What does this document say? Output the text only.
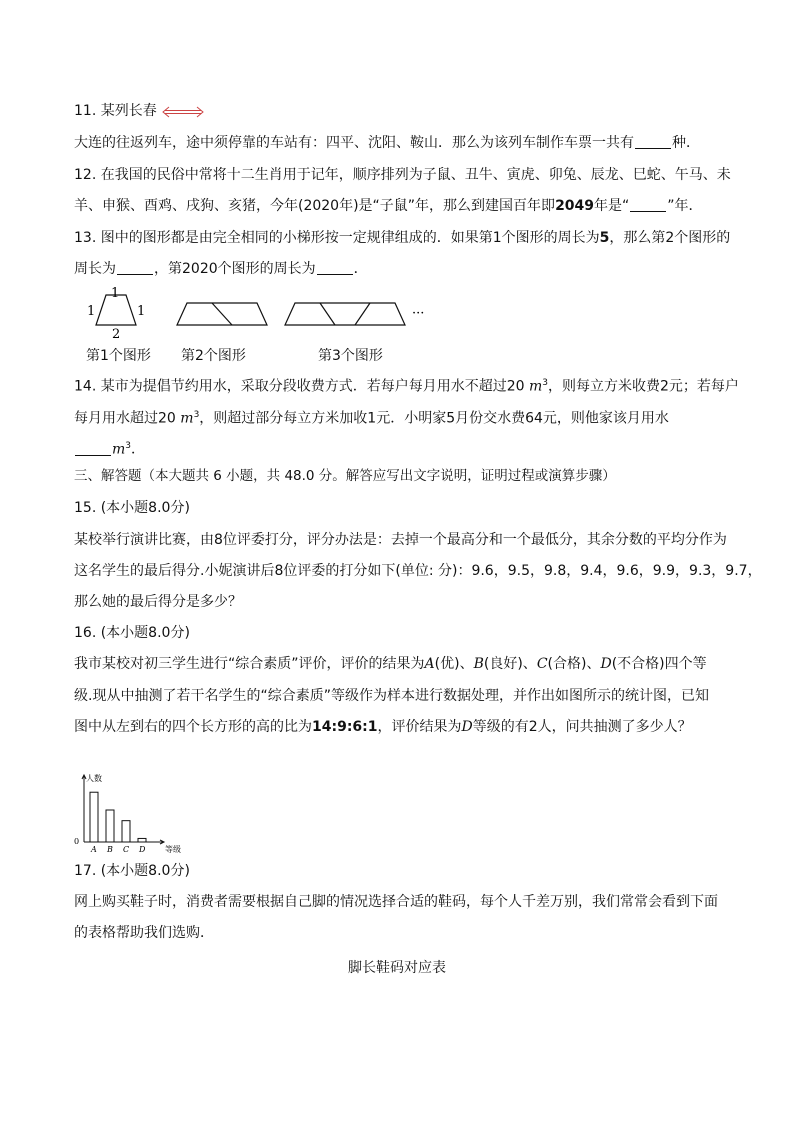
11. 某列长春
大连的往返列车，途中须停靠的车站有：四平、沈阳、鞍山．那么为该列车制作车票一共有	种．
12. 在我国的民俗中常将十二生肖用于记年，顺序排列为子鼠、丑牛、寅虎、卯兔、辰龙、巳蛇、午马、未
羊、申猴、酉鸡、戌狗、亥猪，今年(2020年)是“子鼠”年，那么到建国百年即2049年是“	”年．
13. 图中的图形都是由完全相同的小梯形按一定规律组成的．如果第1个图形的周长为5，那么第2个图形的
周长为	，第2020个图形的周长为	．
1
1	1
2
···
第1个图形 第2个图形	第3个图形
14. 某市为提倡节约用水，采取分段收费方式．若每户每月用水不超过20 $m^3$，则每立方米收费2元；若每户
每月用水超过20 $m^3$，则超过部分每立方米加收1元．小明家5月份交水费64元，则他家该月用水
$m^3$．
三、解答题（本大题共 6 小题，共 48.0 分。解答应写出文字说明，证明过程或演算步骤）
15. (本小题8.0分)
某校举行演讲比赛，由8位评委打分，评分办法是：去掉一个最高分和一个最低分，其余分数的平均分作为
这名学生的最后得分.小妮演讲后8位评委的打分如下(单位: 分)：9.6，9.5，9.8，9.4，9.6，9.9，9.3，9.7，
那么她的最后得分是多少？
16. (本小题8.0分)
我市某校对初三学生进行“综合素质”评价，评价的结果为A(优)、B(良好)、C(合格)、D(不合格)四个等
级.现从中抽测了若干名学生的“综合素质”等级作为样本进行数据处理，并作出如图所示的统计图，已知
图中从左到右的四个长方形的高的比为14:9:6:1，评价结果为D等级的有2人，问共抽测了多少人？
人数
0
等级
A B C D
17. (本小题8.0分)
网上购买鞋子时，消费者需要根据自己脚的情况选择合适的鞋码，每个人千差万别，我们常常会看到下面
的表格帮助我们选购．
脚长鞋码对应表
